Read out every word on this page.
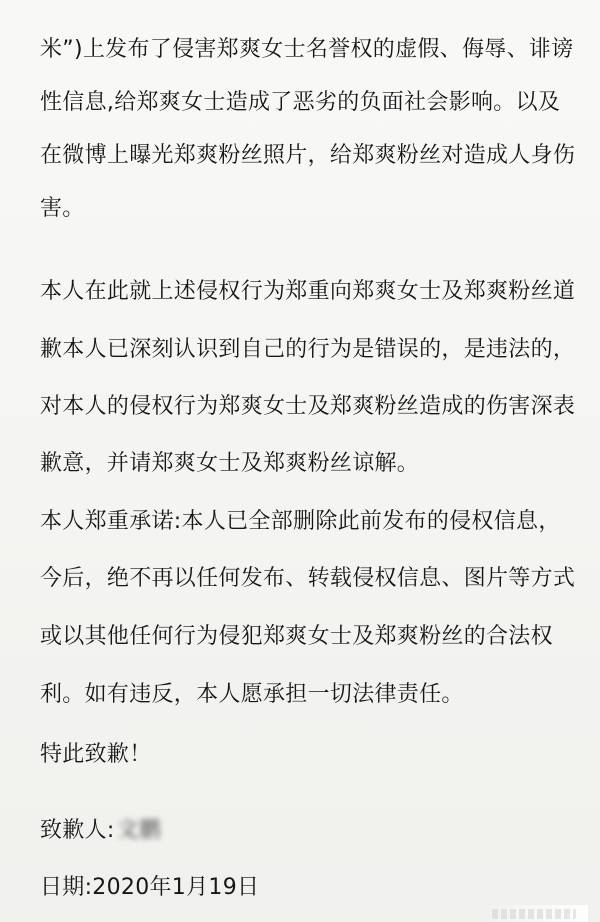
米”)上发布了侵害郑爽女士名誉权的虚假、侮辱、诽谤
性信息,给郑爽女士造成了恶劣的负面社会影响。以及
在微博上曝光郑爽粉丝照片，给郑爽粉丝对造成人身伤
害。
本人在此就上述侵权行为郑重向郑爽女士及郑爽粉丝道
歉本人已深刻认识到自己的行为是错误的，是违法的，
对本人的侵权行为郑爽女士及郑爽粉丝造成的伤害深表
歉意，并请郑爽女士及郑爽粉丝谅解。
本人郑重承诺:本人已全部删除此前发布的侵权信息，
今后，绝不再以任何发布、转载侵权信息、图片等方式
或以其他任何行为侵犯郑爽女士及郑爽粉丝的合法权
利。如有违反，本人愿承担一切法律责任。
特此致歉！
致歉人:文鹏
日期:2020年1月19日
